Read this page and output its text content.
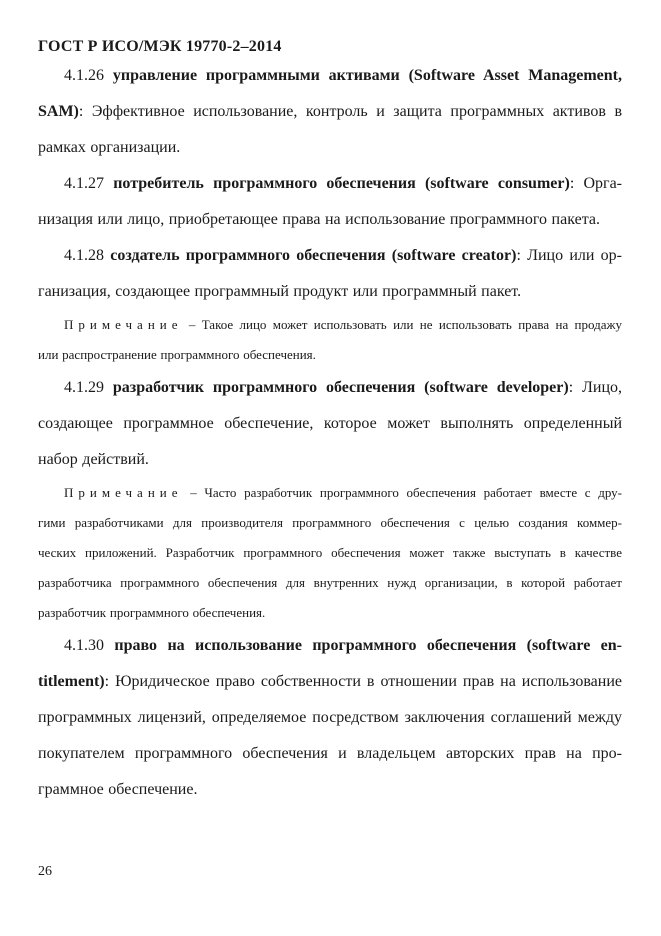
ГОСТ Р ИСО/МЭК 19770-2–2014
4.1.26 управление программными активами (Software Asset Management,
SAM): Эффективное использование, контроль и защита программных активов в
рамках организации.
4.1.27 потребитель программного обеспечения (software consumer): Орга-
низация или лицо, приобретающее права на использование программного пакета.
4.1.28 создатель программного обеспечения (software creator): Лицо или ор-
ганизация, создающее программный продукт или программный пакет.
Примечание – Такое лицо может использовать или не использовать права на продажу
или распространение программного обеспечения.
4.1.29 разработчик программного обеспечения (software developer): Лицо,
создающее программное обеспечение, которое может выполнять определенный
набор действий.
Примечание – Часто разработчик программного обеспечения работает вместе с дру-
гими разработчиками для производителя программного обеспечения с целью создания коммер-
ческих приложений. Разработчик программного обеспечения может также выступать в качестве
разработчика программного обеспечения для внутренних нужд организации, в которой работает
разработчик программного обеспечения.
4.1.30 право на использование программного обеспечения (software en-
titlement): Юридическое право собственности в отношении прав на использование
программных лицензий, определяемое посредством заключения соглашений между
покупателем программного обеспечения и владельцем авторских прав на про-
граммное обеспечение.
26
